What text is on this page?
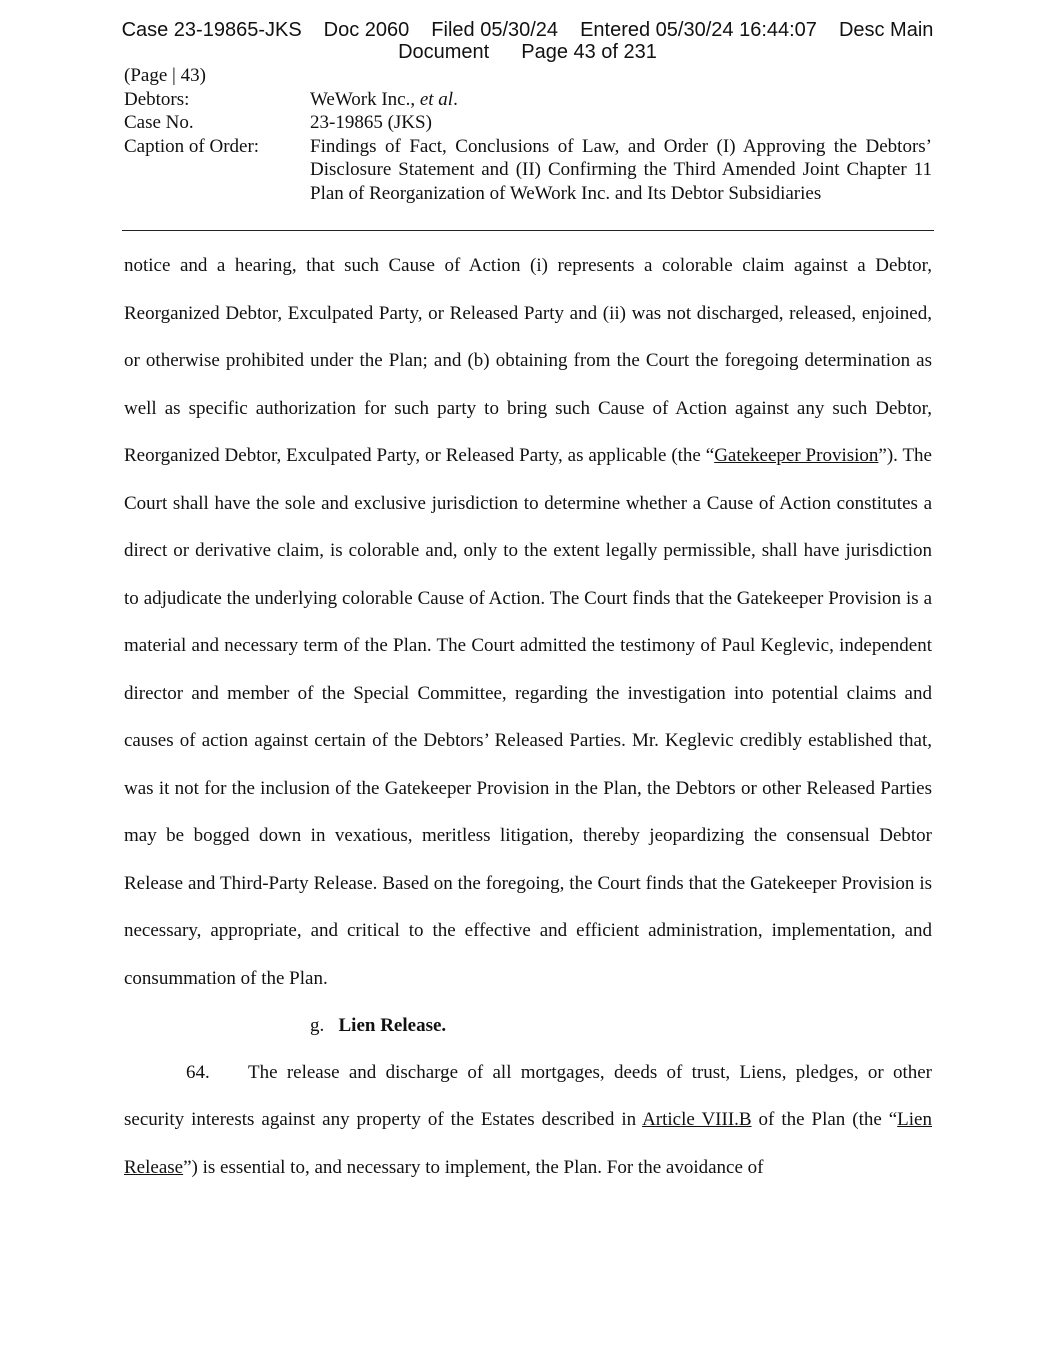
Case 23-19865-JKS Doc 2060 Filed 05/30/24 Entered 05/30/24 16:44:07 Desc Main
Document Page 43 of 231
(Page | 43)
Debtors:	WeWork Inc., et al.
Case No.	23-19865 (JKS)
Caption of Order:	Findings of Fact, Conclusions of Law, and Order (I) Approving the Debtors’ Disclosure Statement and (II) Confirming the Third Amended Joint Chapter 11 Plan of Reorganization of WeWork Inc. and Its Debtor Subsidiaries

notice and a hearing, that such Cause of Action (i) represents a colorable claim against a Debtor, Reorganized Debtor, Exculpated Party, or Released Party and (ii) was not discharged, released, enjoined, or otherwise prohibited under the Plan; and (b) obtaining from the Court the foregoing determination as well as specific authorization for such party to bring such Cause of Action against any such Debtor, Reorganized Debtor, Exculpated Party, or Released Party, as applicable (the “Gatekeeper Provision”). The Court shall have the sole and exclusive jurisdiction to determine whether a Cause of Action constitutes a direct or derivative claim, is colorable and, only to the extent legally permissible, shall have jurisdiction to adjudicate the underlying colorable Cause of Action. The Court finds that the Gatekeeper Provision is a material and necessary term of the Plan. The Court admitted the testimony of Paul Keglevic, independent director and member of the Special Committee, regarding the investigation into potential claims and causes of action against certain of the Debtors’ Released Parties. Mr. Keglevic credibly established that, was it not for the inclusion of the Gatekeeper Provision in the Plan, the Debtors or other Released Parties may be bogged down in vexatious, meritless litigation, thereby jeopardizing the consensual Debtor Release and Third-Party Release. Based on the foregoing, the Court finds that the Gatekeeper Provision is necessary, appropriate, and critical to the effective and efficient administration, implementation, and consummation of the Plan.

g. Lien Release.

64. The release and discharge of all mortgages, deeds of trust, Liens, pledges, or other security interests against any property of the Estates described in Article VIII.B of the Plan (the “Lien Release”) is essential to, and necessary to implement, the Plan. For the avoidance of
